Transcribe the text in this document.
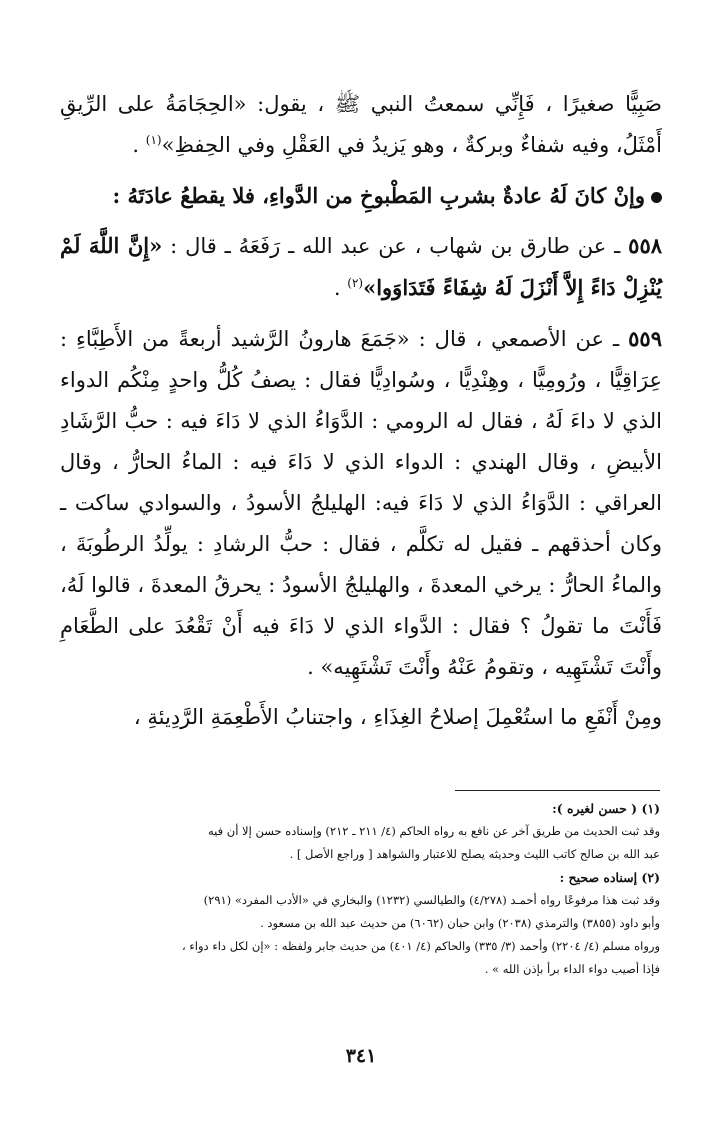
صَبِيًّا صغيرًا ، فَإِنِّي سمعتُ النبي ﷺ ، يقول: «الحِجَامَةُ على الرِّيقِ أَمْثَلُ، وفيه شفاءٌ وبركةٌ ، وهو يَزيدُ في العَقْلِ وفي الحِفظِ»$^{(١)}$ .

وإنْ كانَ لَهُ عادةٌ بشربِ المَطْبوخِ من الدَّواءِ، فلا يقطعُ عادَتَهُ :

٥٥٨ ـ عن طارق بن شهاب ، عن عبد الله ـ رَفَعَهُ ـ قال : «إِنَّ اللَّهَ لَمْ يُنْزِلْ دَاءً إِلاَّ أَنْزَلَ لَهُ شِفَاءً فَتَدَاوَوا»$^{(٢)}$ .

٥٥٩ ـ عن الأصمعي ، قال : «جَمَعَ هارونُ الرَّشيد أربعةً من الأَطِبَّاءِ : عِرَاقِيًّا ، ورُومِيًّا ، وهِنْدِيًّا ، وسُوادِيًّا فقال : يصفُ كُلُّ واحدٍ مِنْكُم الدواء الذي لا داءَ لَهُ ، فقال له الرومي : الدَّوَاءُ الذي لا دَاءَ فيه : حبُّ الرَّشَادِ الأبيضِ ، وقال الهندي : الدواء الذي لا دَاءَ فيه : الماءُ الحارُّ ، وقال العراقي : الدَّوَاءُ الذي لا دَاءَ فيه: الهليلجُ الأسودُ ، والسوادي ساكت ـ وكان أحذقهم ـ فقيل له تكلَّم ، فقال : حبُّ الرشادِ : يولِّدُ الرطُوبَةَ ، والماءُ الحارُّ : يرخي المعدةَ ، والهليلجُ الأسودُ : يحرقُ المعدةَ ، قالوا لَهُ، فَأَنْتَ ما تقولُ ؟ فقال : الدَّواء الذي لا دَاءَ فيه أَنْ تَقْعُدَ على الطَّعَامِ وأَنْتَ تَشْتَهِيه ، وتقومُ عَنْهُ وأَنْتَ تَشْتَهِيه» .

ومِنْ أَنْفَعِ ما استُعْمِلَ إصلاحُ الغِذَاءِ ، واجتنابُ الأَطْعِمَةِ الرَّدِيئةِ ،

(١) ( حسن لغيره ):

وقد ثبت الحديث من طريق آخر عن نافع به رواه الحاكم (٤/ ٢١١ ـ ٢١٢) وإسناده حسن إلا أن فيه

عبد الله بن صالح كاتب الليث وحديثه يصلح للاعتبار والشواهد [ وراجع الأصل ] .

(٢) إسناده صحيح :

وقد ثبت هذا مرفوعًا رواه أحمـد (٤/٢٧٨) والطيالسي (١٢٣٢) والبخاري في «الأدب المفرد» (٢٩١)

وأبو داود (٣٨٥٥) والترمذي (٢٠٣٨) وابن حبان (٦٠٦٢) من حديث عبد الله بن مسعود .

ورواه مسلم (٤/ ٢٢٠٤) وأحمد (٣/ ٣٣٥) والحاكم (٤/ ٤٠١) من حديث جابر ولفظه : «إن لكل داء دواء ،

فإذا أصيب دواء الداء برأ بإذن الله » .

٣٤١
